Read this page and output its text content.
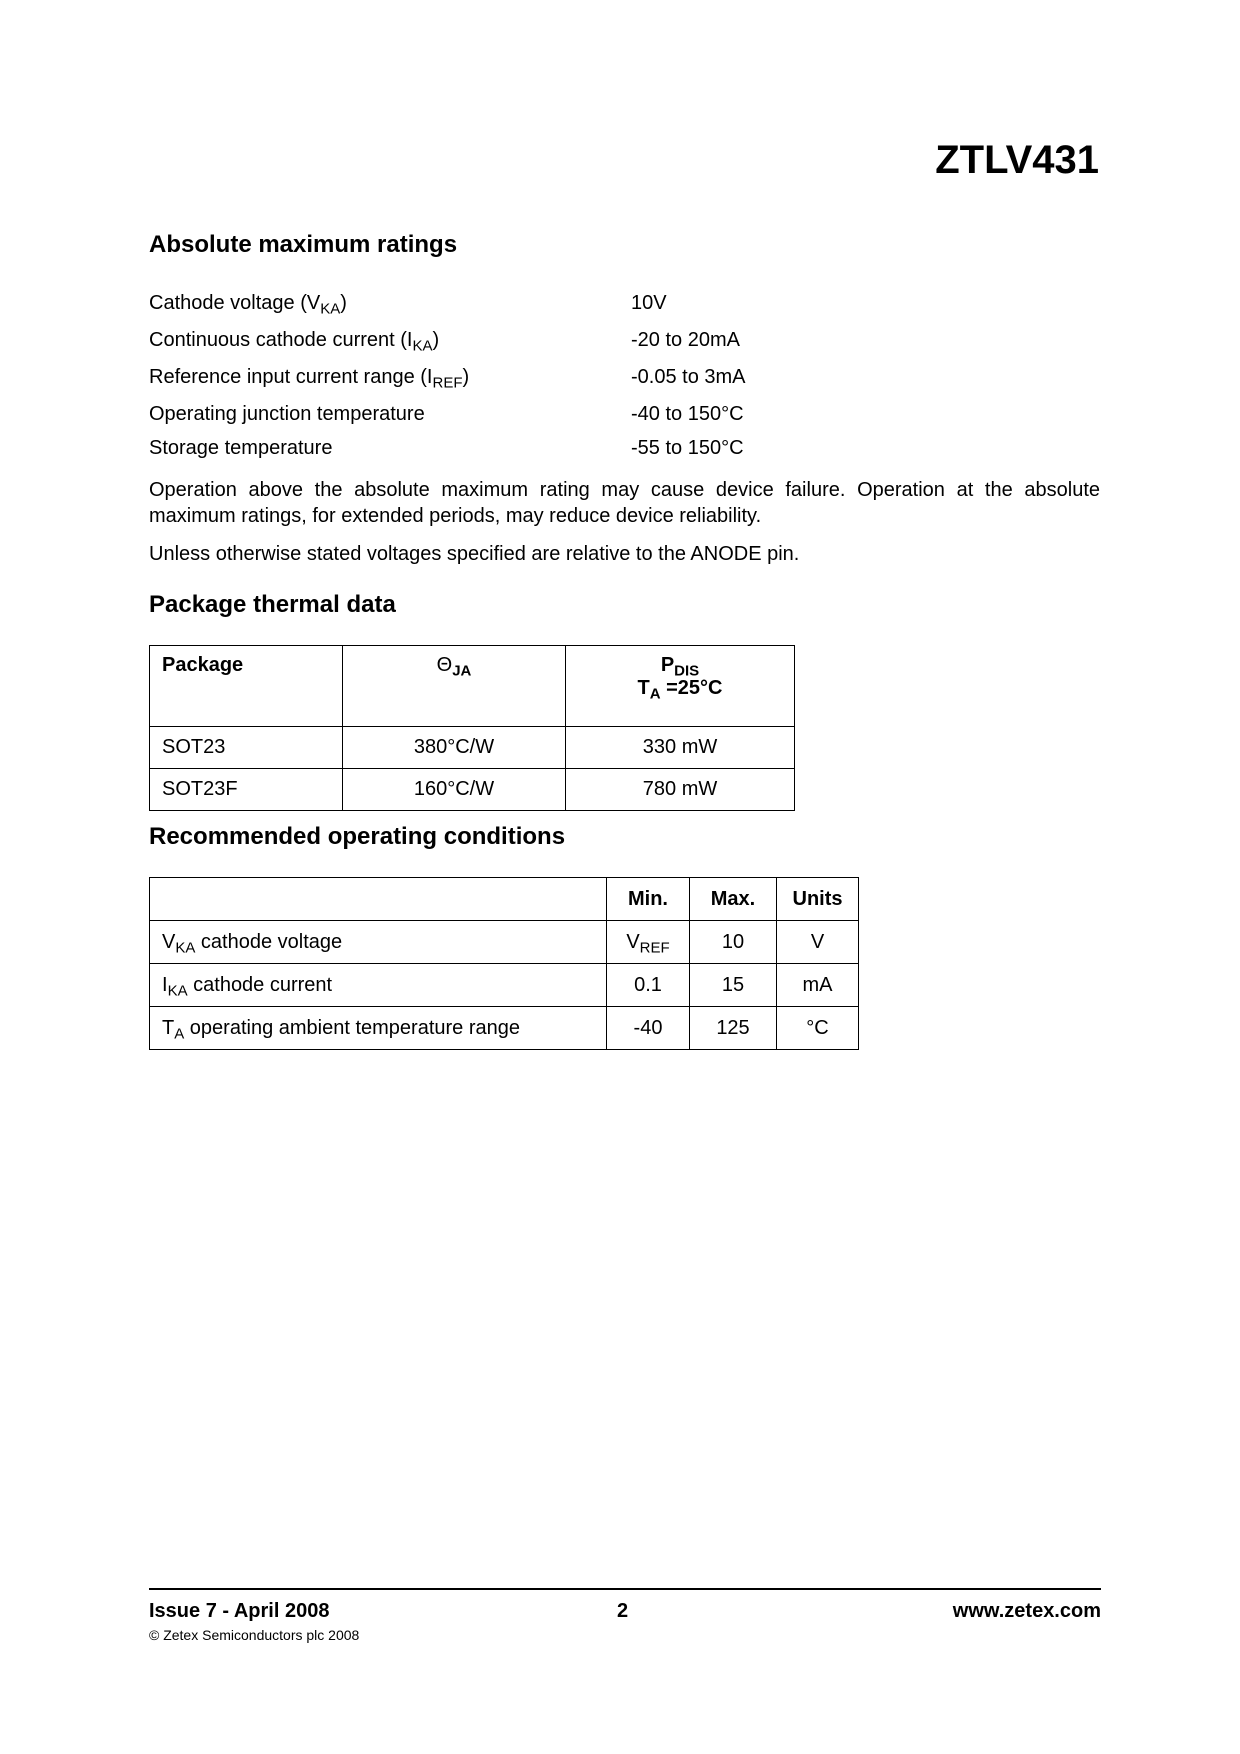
ZTLV431
Absolute maximum ratings
Cathode voltage $(V_{KA})$	10V
Continuous cathode current $(I_{KA})$	-20 to 20mA
Reference input current range $(I_{REF})$	-0.05 to 3mA
Operating junction temperature	-40 to 150°C
Storage temperature	-55 to 150°C
Operation above the absolute maximum rating may cause device failure. Operation at the absolute maximum ratings, for extended periods, may reduce device reliability.
Unless otherwise stated voltages specified are relative to the ANODE pin.
Package thermal data
Package	$\Theta_{JA}$	$P_{DIS}$
$T_A =25^\circ C$
SOT23	380°C/W	330 mW
SOT23F	160°C/W	780 mW
Recommended operating conditions
	Min.	Max.	Units
$V_{KA}$ cathode voltage	$V_{REF}$	10	V
$I_{KA}$ cathode current	0.1	15	mA
$T_A$ operating ambient temperature range	-40	125	°C
Issue 7 - April 2008	2	www.zetex.com
© Zetex Semiconductors plc 2008
